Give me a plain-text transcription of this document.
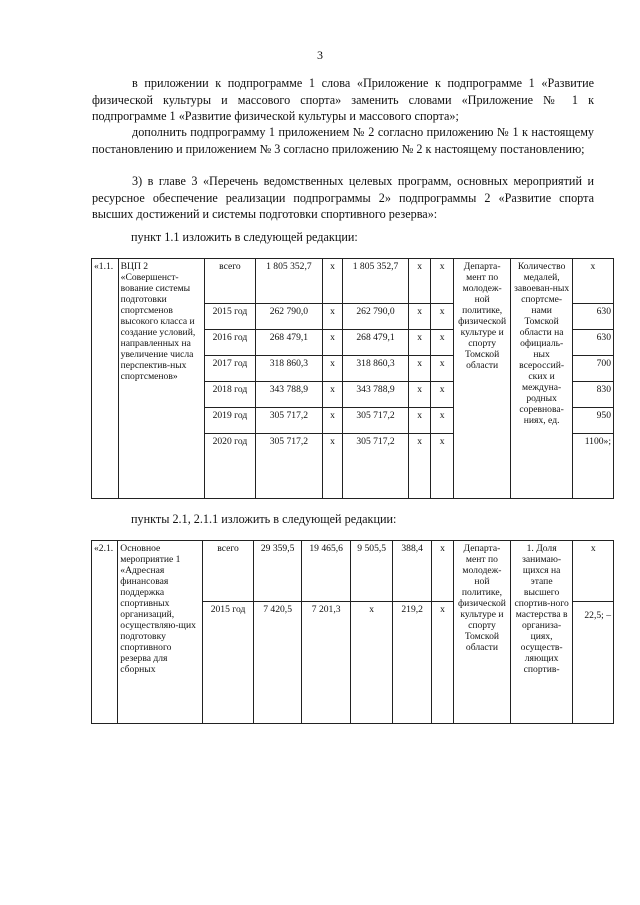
3
в приложении к подпрограмме 1 слова «Приложение к подпрограмме 1 «Развитие физической культуры и массового спорта» заменить словами «Приложение № 1 к подпрограмме 1 «Развитие физической культуры и массового спорта»;
дополнить подпрограмму 1 приложением № 2 согласно приложению № 1 к настоящему постановлению и приложением № 3 согласно приложению № 2 к настоящему постановлению;
3) в главе 3 «Перечень ведомственных целевых программ, основных мероприятий и ресурсное обеспечение реализации подпрограммы 2» подпрограммы 2 «Развитие спорта высших достижений и системы подготовки спортивного резерва»:
пункт 1.1 изложить в следующей редакции:
«1.1.	ВЦП 2 «Совершенст-вование системы подготовки спортсменов высокого класса и создание условий, направленных на увеличение числа перспектив-ных спортсменов»	всего	1 805 352,7	х	1 805 352,7	х	х	Департа-мент по молодеж-ной политике, физической культуре и спорту Томской области	Количество медалей, завоеван-ных спортсме-нами Томской области на официаль-ных всероссий-ских и междуна-родных соревнова-ниях, ед.	х
		2015 год	262 790,0	х	262 790,0	х	х			630
		2016 год	268 479,1	х	268 479,1	х	х			630
		2017 год	318 860,3	х	318 860,3	х	х			700
		2018 год	343 788,9	х	343 788,9	х	х			830
		2019 год	305 717,2	х	305 717,2	х	х			950
		2020 год	305 717,2	х	305 717,2	х	х			1100»;
пункты 2.1, 2.1.1 изложить в следующей редакции:
«2.1.	Основное мероприятие 1 «Адресная финансовая поддержка спортивных организаций, осуществляю-щих подготовку спортивного резерва для сборных	всего	29 359,5	19 465,6	9 505,5	388,4	х	Департа-мент по молодеж-ной политике, физической культуре и спорту Томской области	1. Доля занимаю-щихся на этапе высшего спортив-ного мастерства в организа-циях, осуществ-ляющих спортив-	х
		2015 год	7 420,5	7 201,3	х	219,2	х			22,5; –
